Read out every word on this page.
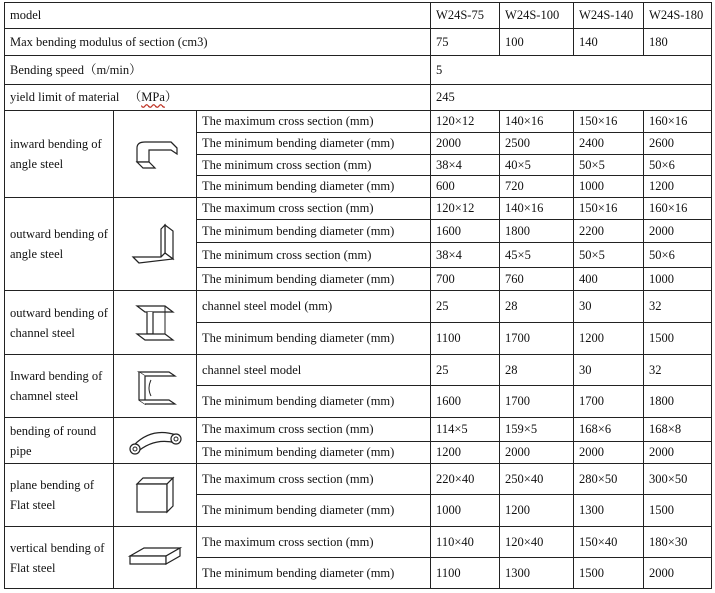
model			W24S-75	W24S-100	W24S-140	W24S-180
Max bending modulus of section (cm3)			75	100	140	180
Bending speed（m/min）			5			
yield limit of material （MPa）			245			
inward bending of angle steel		The maximum cross section (mm)	120×12	140×16	150×16	160×16
		The minimum bending diameter (mm)	2000	2500	2400	2600
		The minimum cross section (mm)	38×4	40×5	50×5	50×6
		The minimum bending diameter (mm)	600	720	1000	1200
outward bending of angle steel		The maximum cross section (mm)	120×12	140×16	150×16	160×16
		The minimum bending diameter (mm)	1600	1800	2200	2000
		The minimum cross section (mm)	38×4	45×5	50×5	50×6
		The minimum bending diameter (mm)	700	760	400	1000
outward bending of channel steel		channel steel model (mm)	25	28	30	32
		The minimum bending diameter (mm)	1100	1700	1200	1500
Inward bending of chamnel steel		channel steel model	25	28	30	32
		The minimum bending diameter (mm)	1600	1700	1700	1800
bending of round pipe		The maximum cross section (mm)	114×5	159×5	168×6	168×8
		The minimum bending diameter (mm)	1200	2000	2000	2000
plane bending of Flat steel		The maximum cross section (mm)	220×40	250×40	280×50	300×50
		The minimum bending diameter (mm)	1000	1200	1300	1500
vertical bending of Flat steel		The maximum cross section (mm)	110×40	120×40	150×40	180×30
		The minimum bending diameter (mm)	1100	1300	1500	2000
